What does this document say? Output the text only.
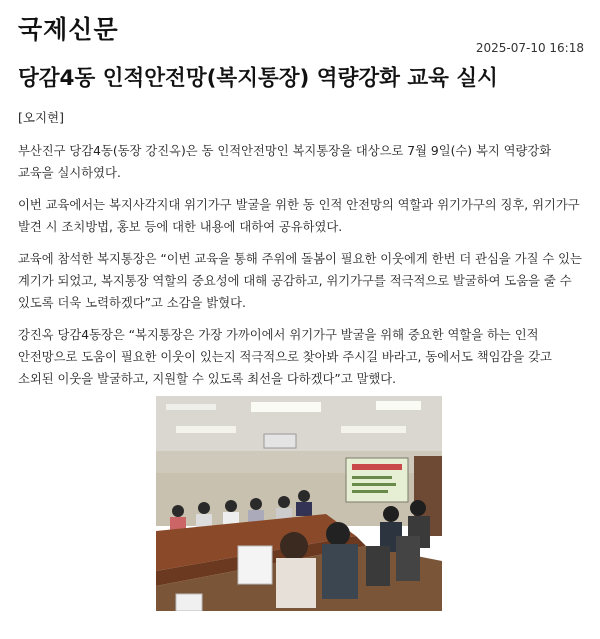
국제신문
2025-07-10 16:18
당감4동 인적안전망(복지통장) 역량강화 교육 실시
[오지현]

부산진구 당감4동(동장 강진옥)은 동 인적안전망인 복지통장을 대상으로 7월 9일(수) 복지 역량강화 교육을 실시하였다.

이번 교육에서는 복지사각지대 위기가구 발굴을 위한 동 인적 안전망의 역할과 위기가구의 징후, 위기가구 발견 시 조치방법, 홍보 등에 대한 내용에 대하여 공유하였다.

교육에 참석한 복지통장은 “이번 교육을 통해 주위에 돌봄이 필요한 이웃에게 한번 더 관심을 가질 수 있는 계기가 되었고, 복지통장 역할의 중요성에 대해 공감하고, 위기가구를 적극적으로 발굴하여 도움을 줄 수 있도록 더욱 노력하겠다”고 소감을 밝혔다.

강진옥 당감4동장은 “복지통장은 가장 가까이에서 위기가구 발굴을 위해 중요한 역할을 하는 인적 안전망으로 도움이 필요한 이웃이 있는지 적극적으로 찾아봐 주시길 바라고, 동에서도 책임감을 갖고 소외된 이웃을 발굴하고, 지원할 수 있도록 최선을 다하겠다”고 말했다.
